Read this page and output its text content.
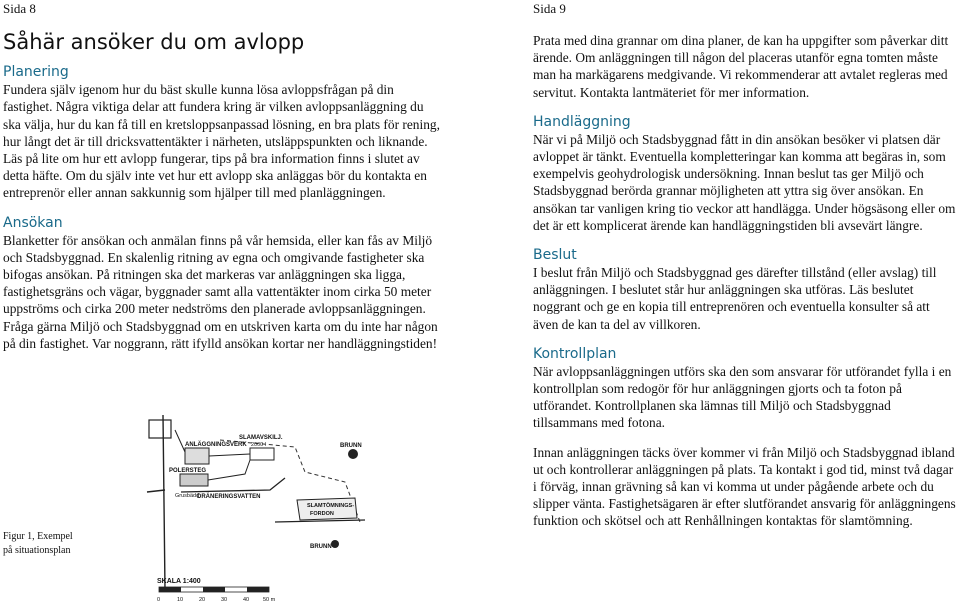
Sida 8
Såhär ansöker du om avlopp
Planering

Fundera själv igenom hur du bäst skulle kunna lösa avloppsfrågan på din fastighet. Några viktiga delar att fundera kring är vilken avloppsanläggning du ska välja, hur du kan få till en kretsloppsanpassad lösning, en bra plats för rening, hur långt det är till dricksvattentäkter i närheten, utsläppspunkten och liknande. Läs på lite om hur ett avlopp fungerar, tips på bra information finns i slutet av detta häfte. Om du själv inte vet hur ett avlopp ska anläggas bör du kontakta en entreprenör eller annan sakkunnig som hjälper till med planläggningen.

Ansökan

Blanketter för ansökan och anmälan finns på vår hemsida, eller kan fås av Miljö och Stadsbyggnad. En skalenlig ritning av egna och omgivande fastigheter ska bifogas ansökan. På ritningen ska det markeras var anläggningen ska ligga, fastighetsgräns och vägar, byggnader samt alla vattentäkter inom cirka 50 meter uppströms och cirka 200 meter nedströms den planerade avloppsanläggningen. Fråga gärna Miljö och Stadsbyggnad om en utskriven karta om du inte har någon på din fastighet. Var noggrann, rätt ifylld ansökan kortar ner handläggningstiden!

Figur 1, Exempel
på situationsplan
ANLÄGGNINGSVERK
SLAMAVSKILJ.
2000 l	BRUNN
POLERSTEG
Grusbädd
DRÄNERINGSVATTEN
SLAMTÖMNINGS-
FORDON
BRUNN
SKALA 1:400
0	10	20	30	40	50 m
Sida 9

Prata med dina grannar om dina planer, de kan ha uppgifter som påverkar ditt ärende. Om anläggningen till någon del placeras utanför egna tomten måste man ha markägarens medgivande. Vi rekommenderar att avtalet regleras med servitut. Kontakta lantmäteriet för mer information.

Handläggning

När vi på Miljö och Stadsbyggnad fått in din ansökan besöker vi platsen där avloppet är tänkt. Eventuella kompletteringar kan komma att begäras in, som exempelvis geohydrologisk undersökning. Innan beslut tas ger Miljö och Stadsbyggnad berörda grannar möjligheten att yttra sig över ansökan. En ansökan tar vanligen kring tio veckor att handlägga. Under högsäsong eller om det är ett komplicerat ärende kan handläggningstiden bli avsevärt längre.

Beslut

I beslut från Miljö och Stadsbyggnad ges därefter tillstånd (eller avslag) till anläggningen. I beslutet står hur anläggningen ska utföras. Läs beslutet noggrant och ge en kopia till entreprenören och eventuella konsulter så att även de kan ta del av villkoren.

Kontrollplan

När avloppsanläggningen utförs ska den som ansvarar för utförandet fylla i en kontrollplan som redogör för hur anläggningen gjorts och ta foton på utförandet. Kontrollplanen ska lämnas till Miljö och Stadsbyggnad tillsammans med fotona.

Innan anläggningen täcks över kommer vi från Miljö och Stadsbyggnad ibland ut och kontrollerar anläggningen på plats. Ta kontakt i god tid, minst två dagar i förväg, innan grävning så kan vi komma ut under pågående arbete och du slipper vänta. Fastighetsägaren är efter slutförandet ansvarig för anläggningens funktion och skötsel och att Renhållningen kontaktas för slamtömning.
